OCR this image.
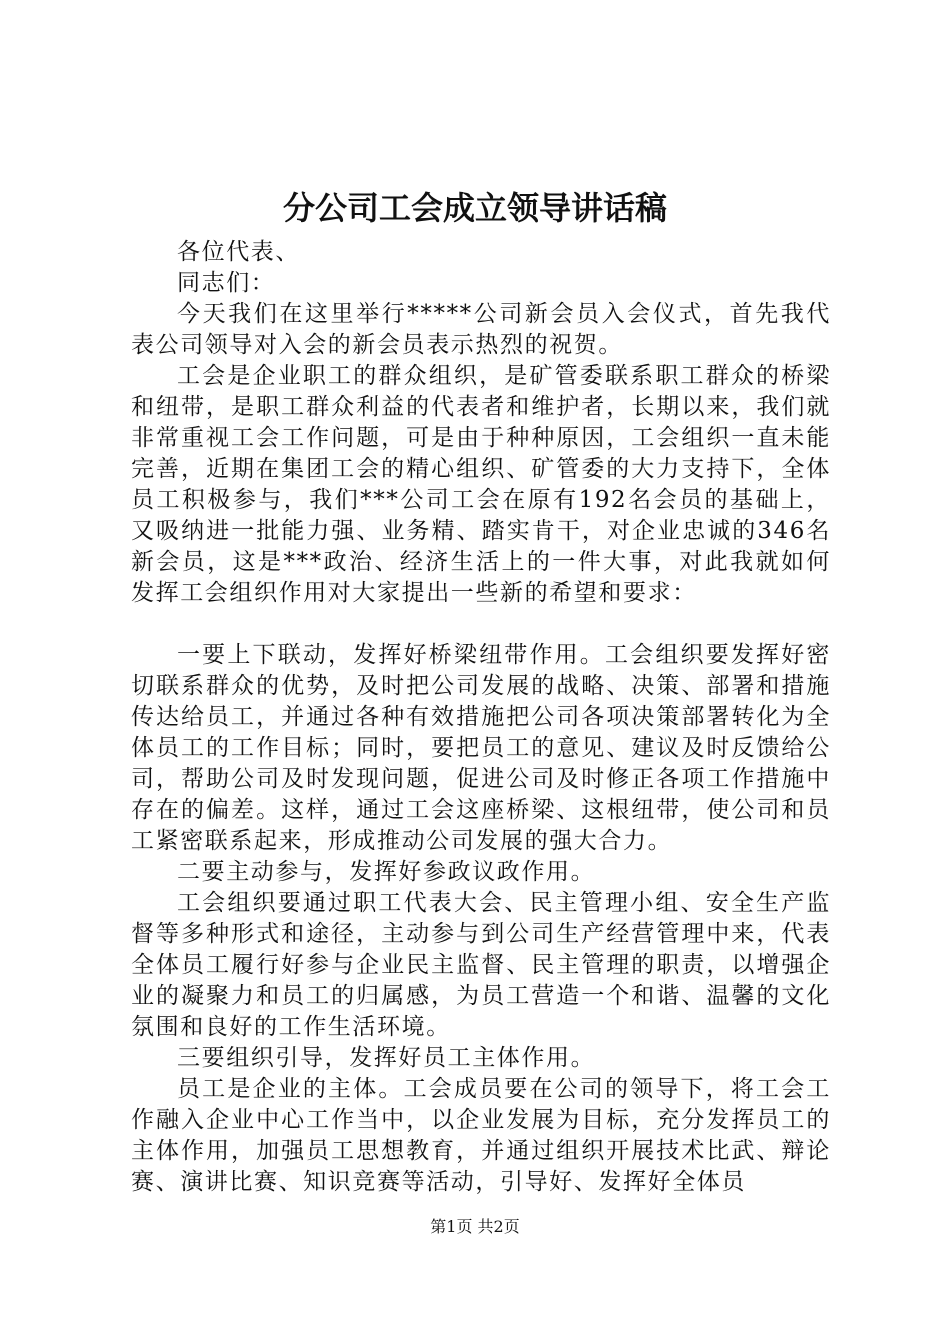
分公司工会成立领导讲话稿

各位代表、

同志们：

今天我们在这里举行*****公司新会员入会仪式，首先我代表公司领导对入会的新会员表示热烈的祝贺。

工会是企业职工的群众组织，是矿管委联系职工群众的桥梁和纽带，是职工群众利益的代表者和维护者，长期以来，我们就非常重视工会工作问题，可是由于种种原因，工会组织一直未能完善，近期在集团工会的精心组织、矿管委的大力支持下，全体员工积极参与，我们***公司工会在原有192名会员的基础上，又吸纳进一批能力强、业务精、踏实肯干，对企业忠诚的346名新会员，这是***政治、经济生活上的一件大事，对此我就如何发挥工会组织作用对大家提出一些新的希望和要求：

一要上下联动，发挥好桥梁纽带作用。工会组织要发挥好密切联系群众的优势，及时把公司发展的战略、决策、部署和措施传达给员工，并通过各种有效措施把公司各项决策部署转化为全体员工的工作目标；同时，要把员工的意见、建议及时反馈给公司，帮助公司及时发现问题，促进公司及时修正各项工作措施中存在的偏差。这样，通过工会这座桥梁、这根纽带，使公司和员工紧密联系起来，形成推动公司发展的强大合力。

二要主动参与，发挥好参政议政作用。

工会组织要通过职工代表大会、民主管理小组、安全生产监督等多种形式和途径，主动参与到公司生产经营管理中来，代表全体员工履行好参与企业民主监督、民主管理的职责，以增强企业的凝聚力和员工的归属感，为员工营造一个和谐、温馨的文化氛围和良好的工作生活环境。

三要组织引导，发挥好员工主体作用。

员工是企业的主体。工会成员要在公司的领导下，将工会工作融入企业中心工作当中，以企业发展为目标，充分发挥员工的主体作用，加强员工思想教育，并通过组织开展技术比武、辩论赛、演讲比赛、知识竞赛等活动，引导好、发挥好全体员

第1页 共2页
